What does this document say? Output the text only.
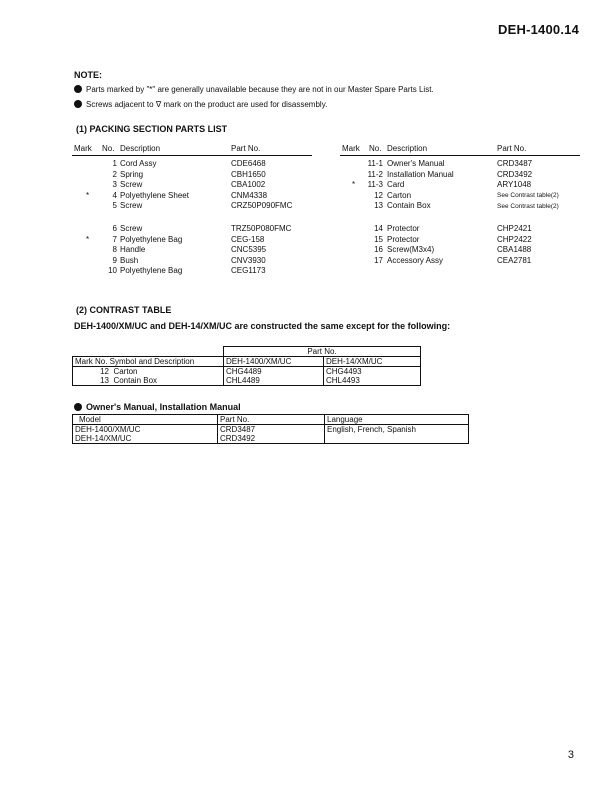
DEH-1400.14
NOTE:
Parts marked by "*" are generally unavailable because they are not in our Master Spare Parts List.
Screws adjacent to ∇ mark on the product are used for disassembly.
(1) PACKING SECTION PARTS LIST
Mark No. Description	Part No.	Mark No. Description	Part No.
1 Cord Assy	CDE6468
2 Spring	CBH1650
3 Screw	CBA1002
*	4 Polyethylene Sheet	CNM4338
5 Screw	CRZ50P090FMC
6 Screw	TRZ50P080FMC
*	7 Polyethylene Bag	CEG-158
8 Handle	CNC5395
9 Bush	CNV3930
10 Polyethylene Bag	CEG1173
11-1 Owner's Manual	CRD3487
11-2 Installation Manual	CRD3492
*	11-3 Card	ARY1048
12 Carton	See Contrast table(2)
13 Contain Box	See Contrast table(2)
14 Protector	CHP2421
15 Protector	CHP2422
16 Screw(M3x4)	CBA1488
17 Accessory Assy	CEA2781
(2) CONTRAST TABLE
DEH-1400/XM/UC and DEH-14/XM/UC are constructed the same except for the following:
	Part No.	
Mark No. Symbol and Description	DEH-1400/XM/UC	DEH-14/XM/UC
12 Carton	CHG4489	CHG4493
13 Contain Box	CHL4489	CHL4493
Owner's Manual, Installation Manual
Model	Part No.	Language
DEH-1400/XM/UC	CRD3487	English, French, Spanish
DEH-14/XM/UC	CRD3492	
3
